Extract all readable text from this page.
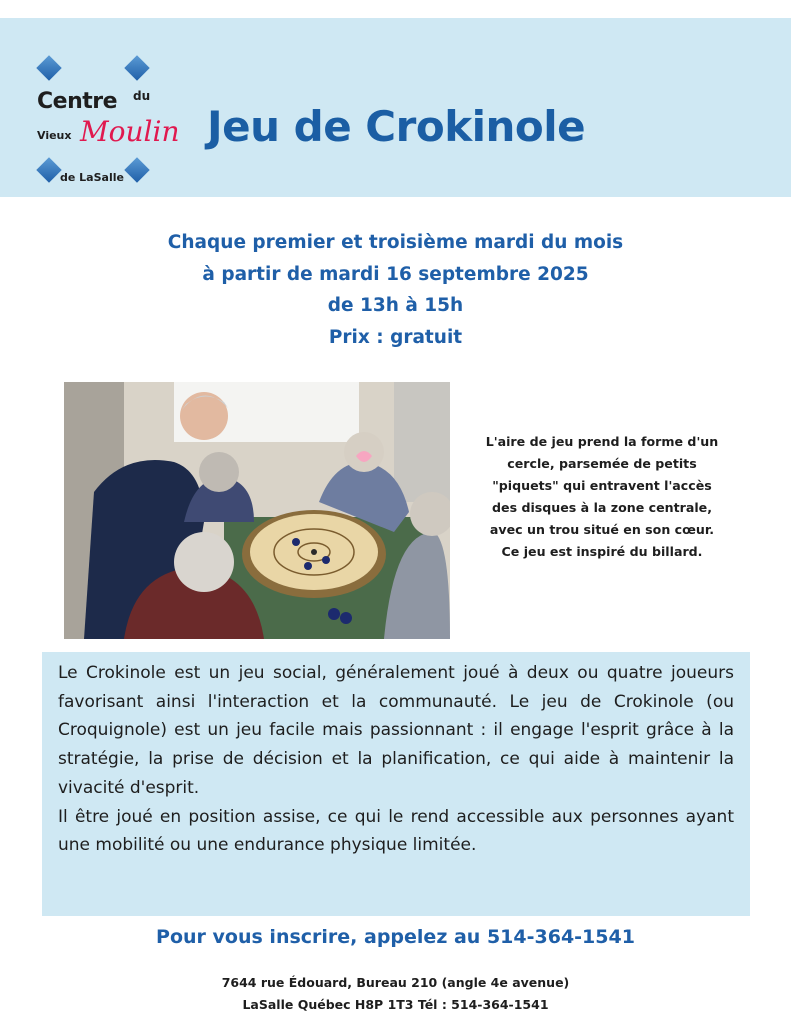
Centre du
Vieux Moulin
de LaSalle
Jeu de Crokinole
Chaque premier et troisième mardi du mois
à partir de mardi 16 septembre 2025
de 13h à 15h
Prix : gratuit
L'aire de jeu prend la forme d'un
cercle, parsemée de petits
"piquets" qui entravent l'accès
des disques à la zone centrale,
avec un trou situé en son cœur.
Ce jeu est inspiré du billard.

Le Crokinole est un jeu social, généralement joué à deux ou quatre joueurs favorisant ainsi l'interaction et la communauté. Le jeu de Crokinole (ou Croquignole) est un jeu facile mais passionnant : il engage l'esprit grâce à la stratégie, la prise de décision et la planification, ce qui aide à maintenir la vivacité d'esprit.

Il être joué en position assise, ce qui le rend accessible aux personnes ayant une mobilité ou une endurance physique limitée.

Pour vous inscrire, appelez au 514-364-1541
7644 rue Édouard, Bureau 210 (angle 4e avenue)
LaSalle Québec H8P 1T3 Tél : 514-364-1541
